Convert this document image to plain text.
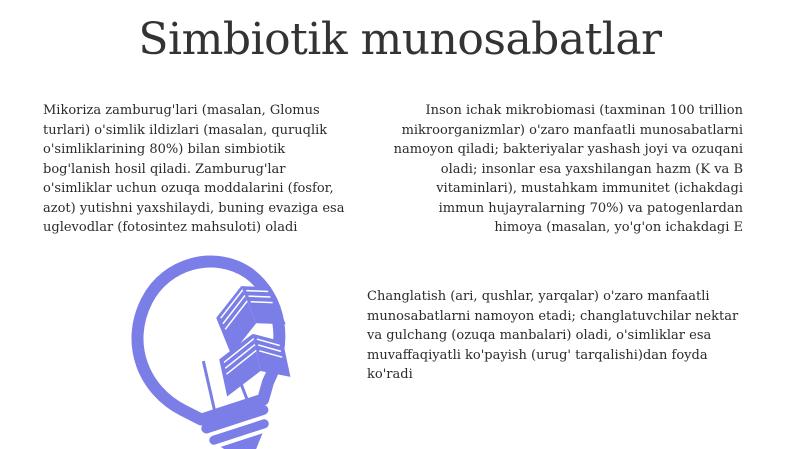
Simbiotik munosabatlar
Mikoriza zamburug'lari (masalan, Glomus turlari) o'simlik ildizlari (masalan, quruqlik o'simliklarining 80%) bilan simbiotik bog'lanish hosil qiladi. Zamburug'lar o'simliklar uchun ozuqa moddalarini (fosfor, azot) yutishni yaxshilaydi, buning evaziga esa uglevodlar (fotosintez mahsuloti) oladi
Inson ichak mikrobiomasi (taxminan 100 trillion mikroorganizmlar) o'zaro manfaatli munosabatlarni namoyon qiladi; bakteriyalar yashash joyi va ozuqani oladi; insonlar esa yaxshilangan hazm (K va B vitaminlari), mustahkam immunitet (ichakdagi immun hujayralarning 70%) va patogenlardan himoya (masalan, yo'g'on ichakdagi E
Changlatish (ari, qushlar, yarqalar) o'zaro manfaatli munosabatlarni namoyon etadi; changlatuvchilar nektar va gulchang (ozuqa manbalari) oladi, o'simliklar esa muvaffaqiyatli ko'payish (urug' tarqalishi)dan foyda ko'radi
